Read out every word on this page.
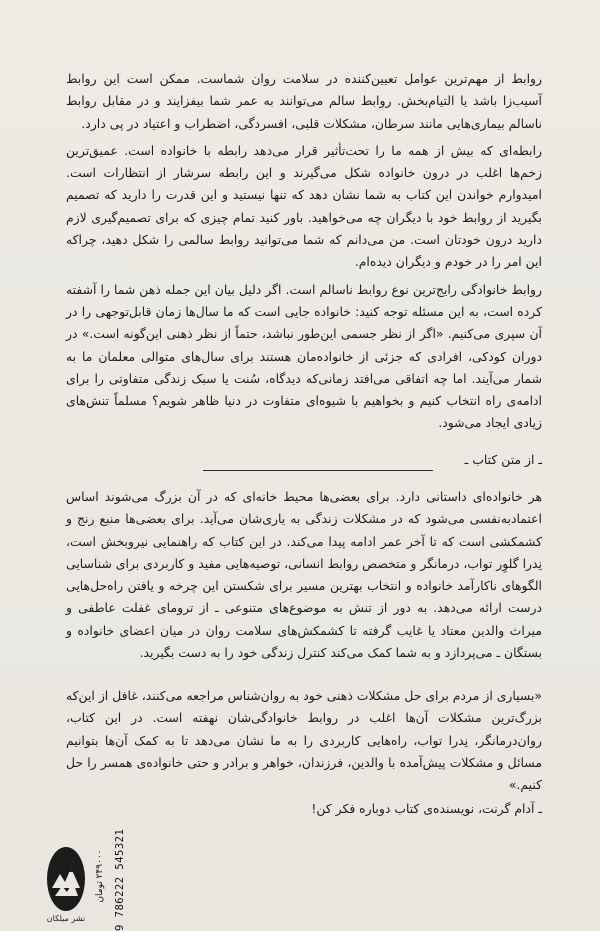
روابط از مهم‌ترین عوامل تعیین‌کننده در سلامت روان شماست. ممکن است این روابط آسیب‌زا باشد یا التیام‌بخش. روابط سالم می‌توانند به عمر شما بیفزایند و در مقابل روابط ناسالم بیماری‌هایی مانند سرطان، مشکلات قلبی، افسردگی، اضطراب و اعتیاد در پی دارد.

رابطه‌ای که بیش از همه ما را تحت‌تأثیر قرار می‌دهد رابطه با خانواده است. عمیق‌ترین زخم‌ها اغلب در درون خانواده شکل می‌گیرند و این رابطه سرشار از انتظارات است. امیدوارم خواندن این کتاب به شما نشان دهد که تنها نیستید و این قدرت را دارید که تصمیم بگیرید از روابط خود با دیگران چه می‌خواهید. باور کنید تمام چیزی که برای تصمیم‌گیری لازم دارید درون خودتان است. من می‌دانم که شما می‌توانید روابط سالمی را شکل دهید، چراکه این امر را در خودم و دیگران دیده‌ام.

روابط خانوادگی رایج‌ترین نوع روابط ناسالم است. اگر دلیل بیان این جمله ذهن شما را آشفته کرده است، به این مسئله توجه کنید: خانواده جایی است که ما سال‌ها زمان قابل‌توجهی را در آن سپری می‌کنیم. «اگر از نظر جسمی این‌طور نباشد، حتماً از نظر ذهنی این‌گونه است.» در دوران کودکی، افرادی که جزئی از خانواده‌مان هستند برای سال‌های متوالی معلمان ما به شمار می‌آیند. اما چه اتفاقی می‌افتد زمانی‌که دیدگاه، سُنت یا سبک زندگی متفاوتی را برای ادامه‌ی راه انتخاب کنیم و بخواهیم با شیوه‌ای متفاوت در دنیا ظاهر شویم؟ مسلماً تنش‌های زیادی ایجاد می‌شود.

ـ از متن کتاب ـ

هر خانواده‌ای داستانی دارد. برای بعضی‌ها محیط خانه‌ای که در آن بزرگ می‌شوند اساس اعتمادبه‌نفسی می‌شود که در مشکلات زندگی به یاری‌شان می‌آید. برای بعضی‌ها منبع رنج و کشمکشی است که تا آخر عمر ادامه پیدا می‌کند. در این کتاب که راهنمایی نیروبخش است، نِدرا گلوِر تواب، درمانگر و متخصص روابط انسانی، توصیه‌هایی مفید و کاربردی برای شناسایی الگوهای ناکارآمد خانواده و انتخاب بهترین مسیر برای شکستن این چرخه و یافتن راه‌حل‌هایی درست ارائه می‌دهد. به دور از تنش به موضوع‌های متنوعی ـ از ترومای غفلت عاطفی و میراث والدین معتاد یا غایب گرفته تا کشمکش‌های سلامت روان در میان اعضای خانواده و بستگان ـ می‌پردازد و به شما کمک می‌کند کنترل زندگی خود را به دست بگیرید.

«بسیاری از مردم برای حل مشکلات ذهنی خود به روان‌شناس مراجعه می‌کنند، غافل از این‌که بزرگ‌ترین مشکلات آن‌ها اغلب در روابط خانوادگی‌شان نهفته است. در این کتاب، روان‌درمانگر، نِدرا تواب، راه‌هایی کاربردی را به ما نشان می‌دهد تا به کمک آن‌ها بتوانیم مسائل و مشکلات پیش‌آمده با والدین، فرزندان، خواهر و برادر و حتی خانواده‌ی همسر را حل کنیم.»

ـ آدام گرنت، نویسنده‌ی کتاب دوباره فکر کن!
9 786222 545321
۲۴۹۰۰۰ تومان
نشر میلکان
